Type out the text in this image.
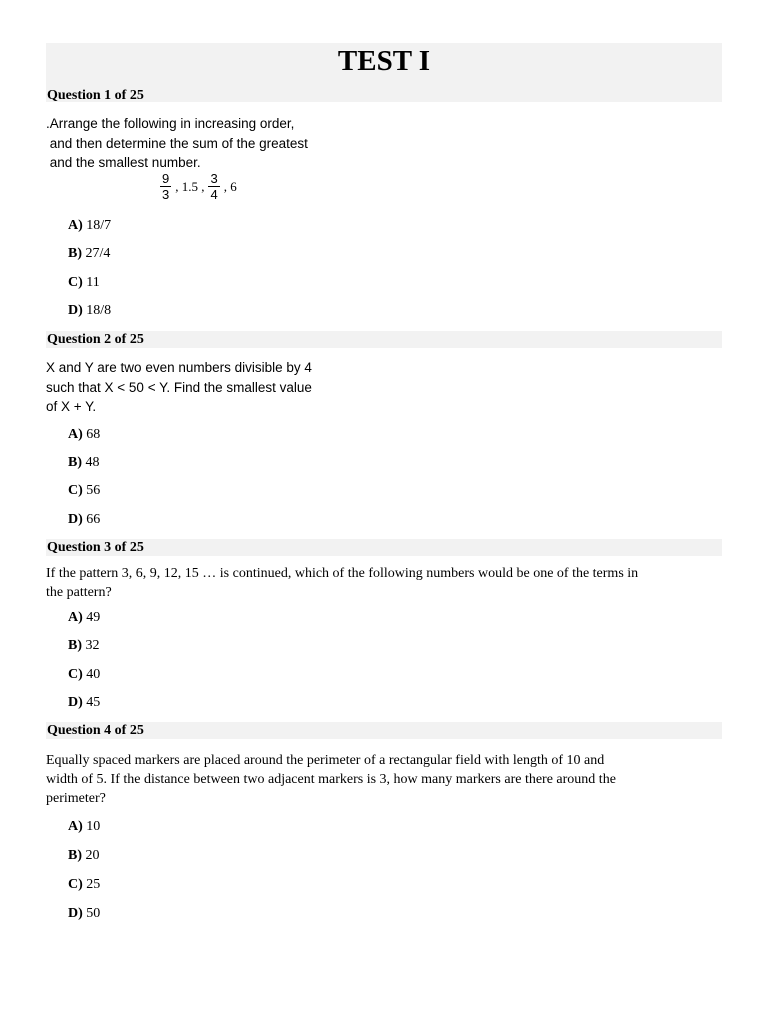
TEST I
Question 1 of 25
.Arrange the following in increasing order,
and then determine the sum of the greatest
and the smallest number.
$\frac{9}{3}$ , 1.5 , $\frac{3}{4}$ , 6
A) 18/7
B) 27/4
C) 11
D) 18/8
Question 2 of 25
X and Y are two even numbers divisible by 4
such that X < 50 < Y. Find the smallest value
of X + Y.
A) 68
B) 48
C) 56
D) 66
Question 3 of 25
If the pattern 3, 6, 9, 12, 15 … is continued, which of the following numbers would be one of the terms in
the pattern?
A) 49
B) 32
C) 40
D) 45
Question 4 of 25
Equally spaced markers are placed around the perimeter of a rectangular field with length of 10 and
width of 5. If the distance between two adjacent markers is 3, how many markers are there around the
perimeter?
A) 10
B) 20
C) 25
D) 50
